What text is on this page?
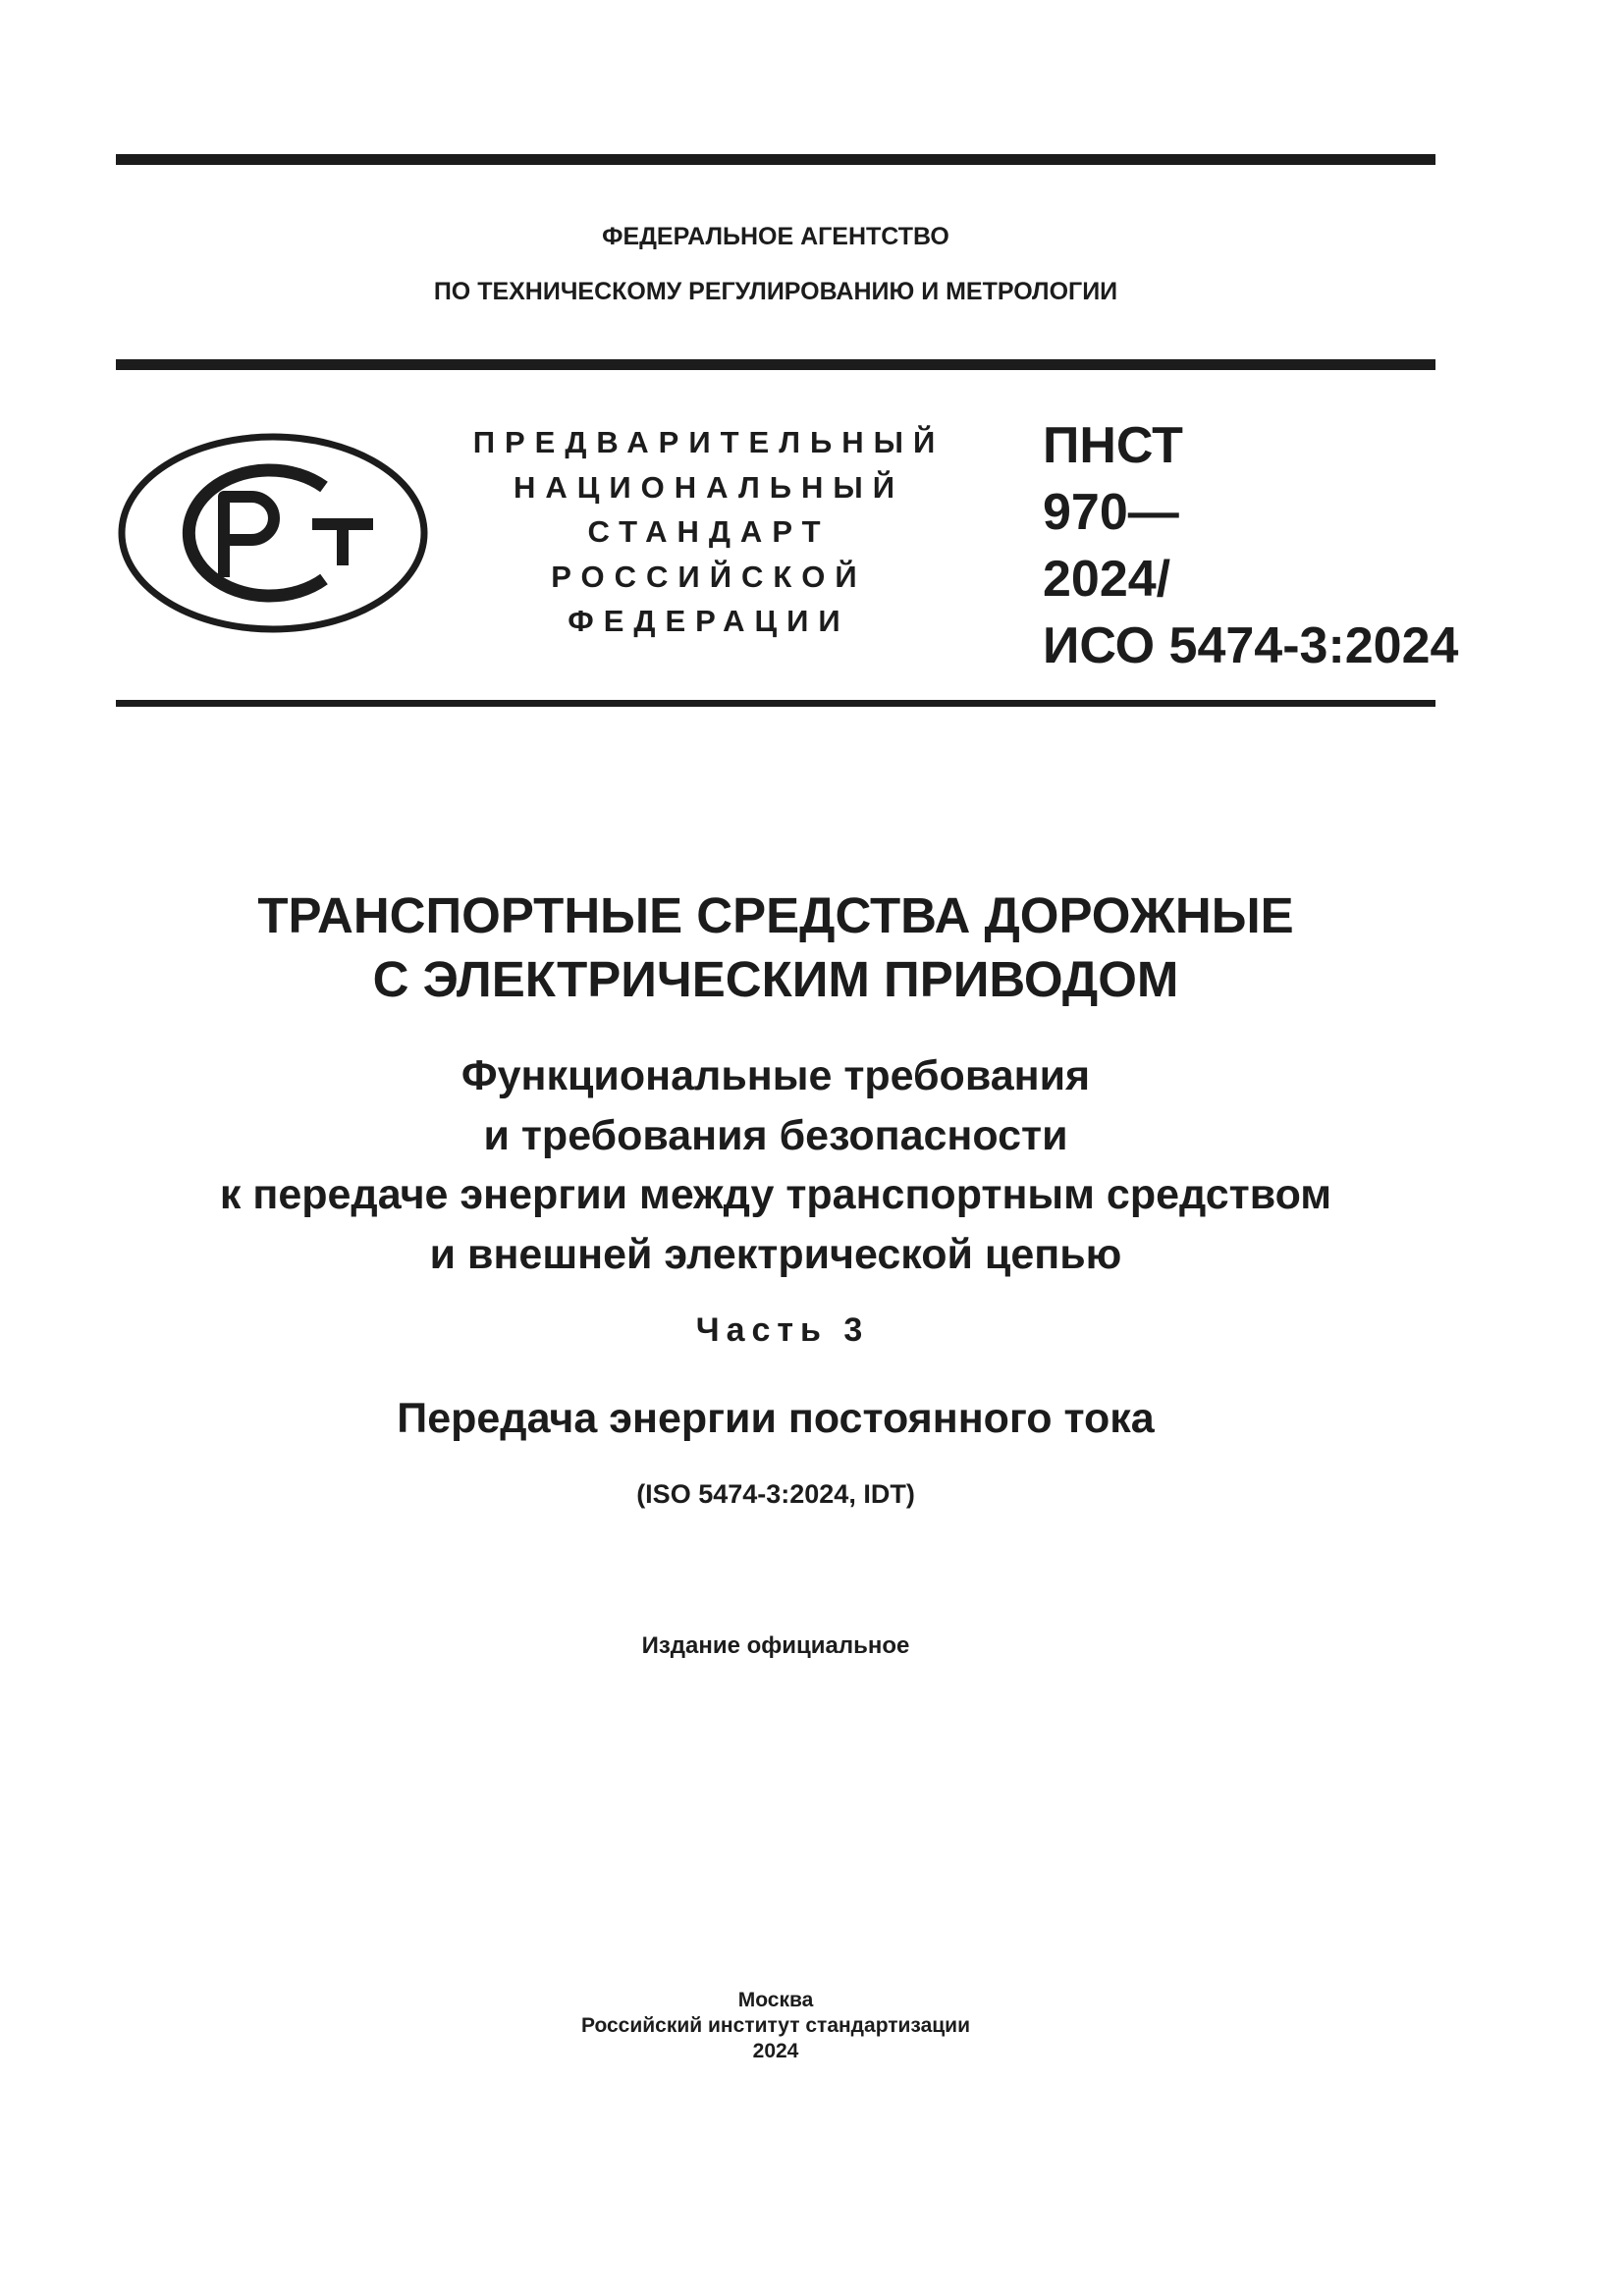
ФЕДЕРАЛЬНОЕ АГЕНТСТВО
ПО ТЕХНИЧЕСКОМУ РЕГУЛИРОВАНИЮ И МЕТРОЛОГИИ
ПРЕДВАРИТЕЛЬНЫЙ
НАЦИОНАЛЬНЫЙ
СТАНДАРТ
РОССИЙСКОЙ
ФЕДЕРАЦИИ
ПНСТ
970—
2024/
ИСО 5474-3:2024
ТРАНСПОРТНЫЕ СРЕДСТВА ДОРОЖНЫЕ
С ЭЛЕКТРИЧЕСКИМ ПРИВОДОМ
Функциональные требования
и требования безопасности
к передаче энергии между транспортным средством
и внешней электрической цепью
Часть 3
Передача энергии постоянного тока
(ISO 5474-3:2024, IDT)
Издание официальное
Москва
Российский институт стандартизации
2024
